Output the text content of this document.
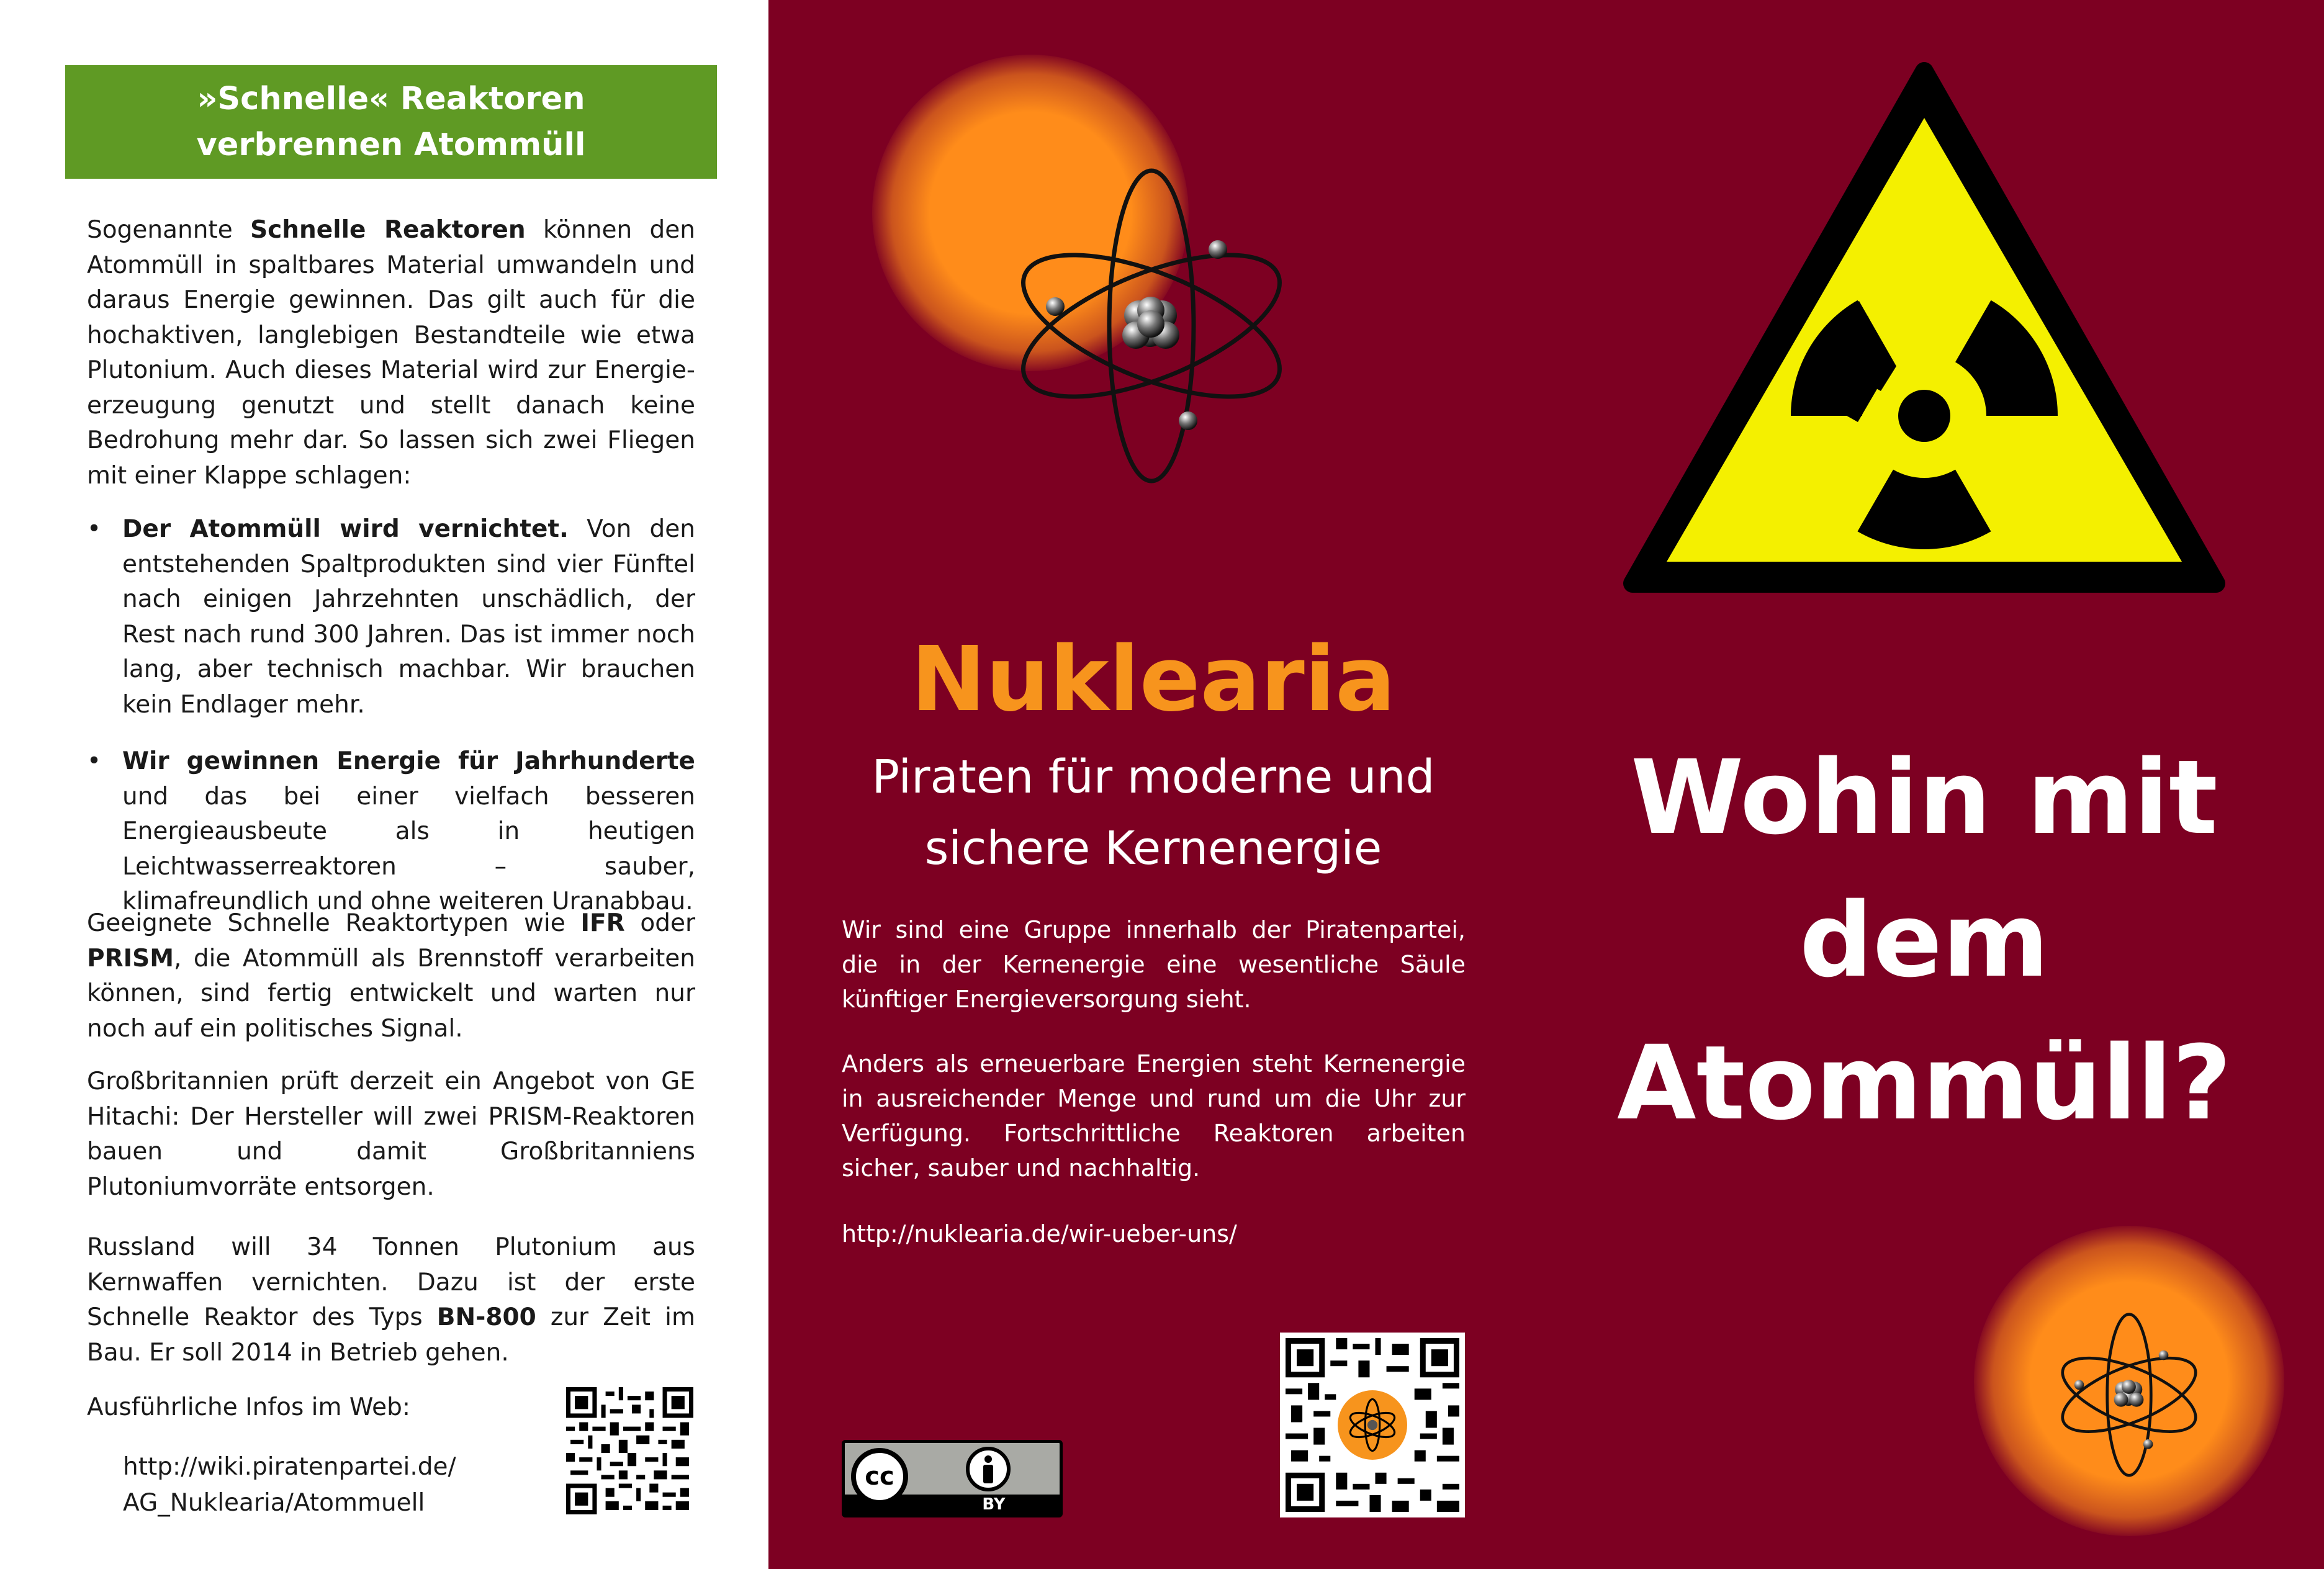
»Schnelle« Reaktoren
verbrennen Atommüll

Sogenannte Schnelle Reaktoren können den Atommüll in spaltbares Material umwandeln und daraus Energie gewinnen. Das gilt auch für die hochaktiven, langlebigen Bestandteile wie etwa Plutonium. Auch dieses Material wird zur Energie-erzeugung genutzt und stellt danach keine Bedrohung mehr dar. So lassen sich zwei Fliegen mit einer Klappe schlagen:

• Der Atommüll wird vernichtet. Von den entstehenden Spaltprodukten sind vier Fünftel nach einigen Jahrzehnten unschädlich, der Rest nach rund 300 Jahren. Das ist immer noch lang, aber technisch machbar. Wir brauchen kein Endlager mehr.
• Wir gewinnen Energie für Jahrhunderte und das bei einer vielfach besseren Energieausbeute als in heutigen Leichtwasserreaktoren – sauber, klimafreundlich und ohne weiteren Uranabbau.

Geeignete Schnelle Reaktortypen wie IFR oder PRISM, die Atommüll als Brennstoff verarbeiten können, sind fertig entwickelt und warten nur noch auf ein politisches Signal.

Großbritannien prüft derzeit ein Angebot von GE Hitachi: Der Hersteller will zwei PRISM-Reaktoren bauen und damit Großbritanniens Plutoniumvorräte entsorgen.

Russland will 34 Tonnen Plutonium aus Kernwaffen vernichten. Dazu ist der erste Schnelle Reaktor des Typs BN-800 zur Zeit im Bau. Er soll 2014 in Betrieb gehen.

Ausführliche Infos im Web:

http://wiki.piratenpartei.de/
AG_Nuklearia/Atommuell
Nuklearia
Piraten für moderne und
sichere Kernenergie

Wir sind eine Gruppe innerhalb der Piratenpartei, die in der Kernenergie eine wesentliche Säule künftiger Energieversorgung sieht.

Anders als erneuerbare Energien steht Kernenergie in ausreichender Menge und rund um die Uhr zur Verfügung. Fortschrittliche Reaktoren arbeiten sicher, sauber und nachhaltig.

http://nuklearia.de/wir-ueber-uns/

Wohin mit
dem
Atommüll?
cc
BY
